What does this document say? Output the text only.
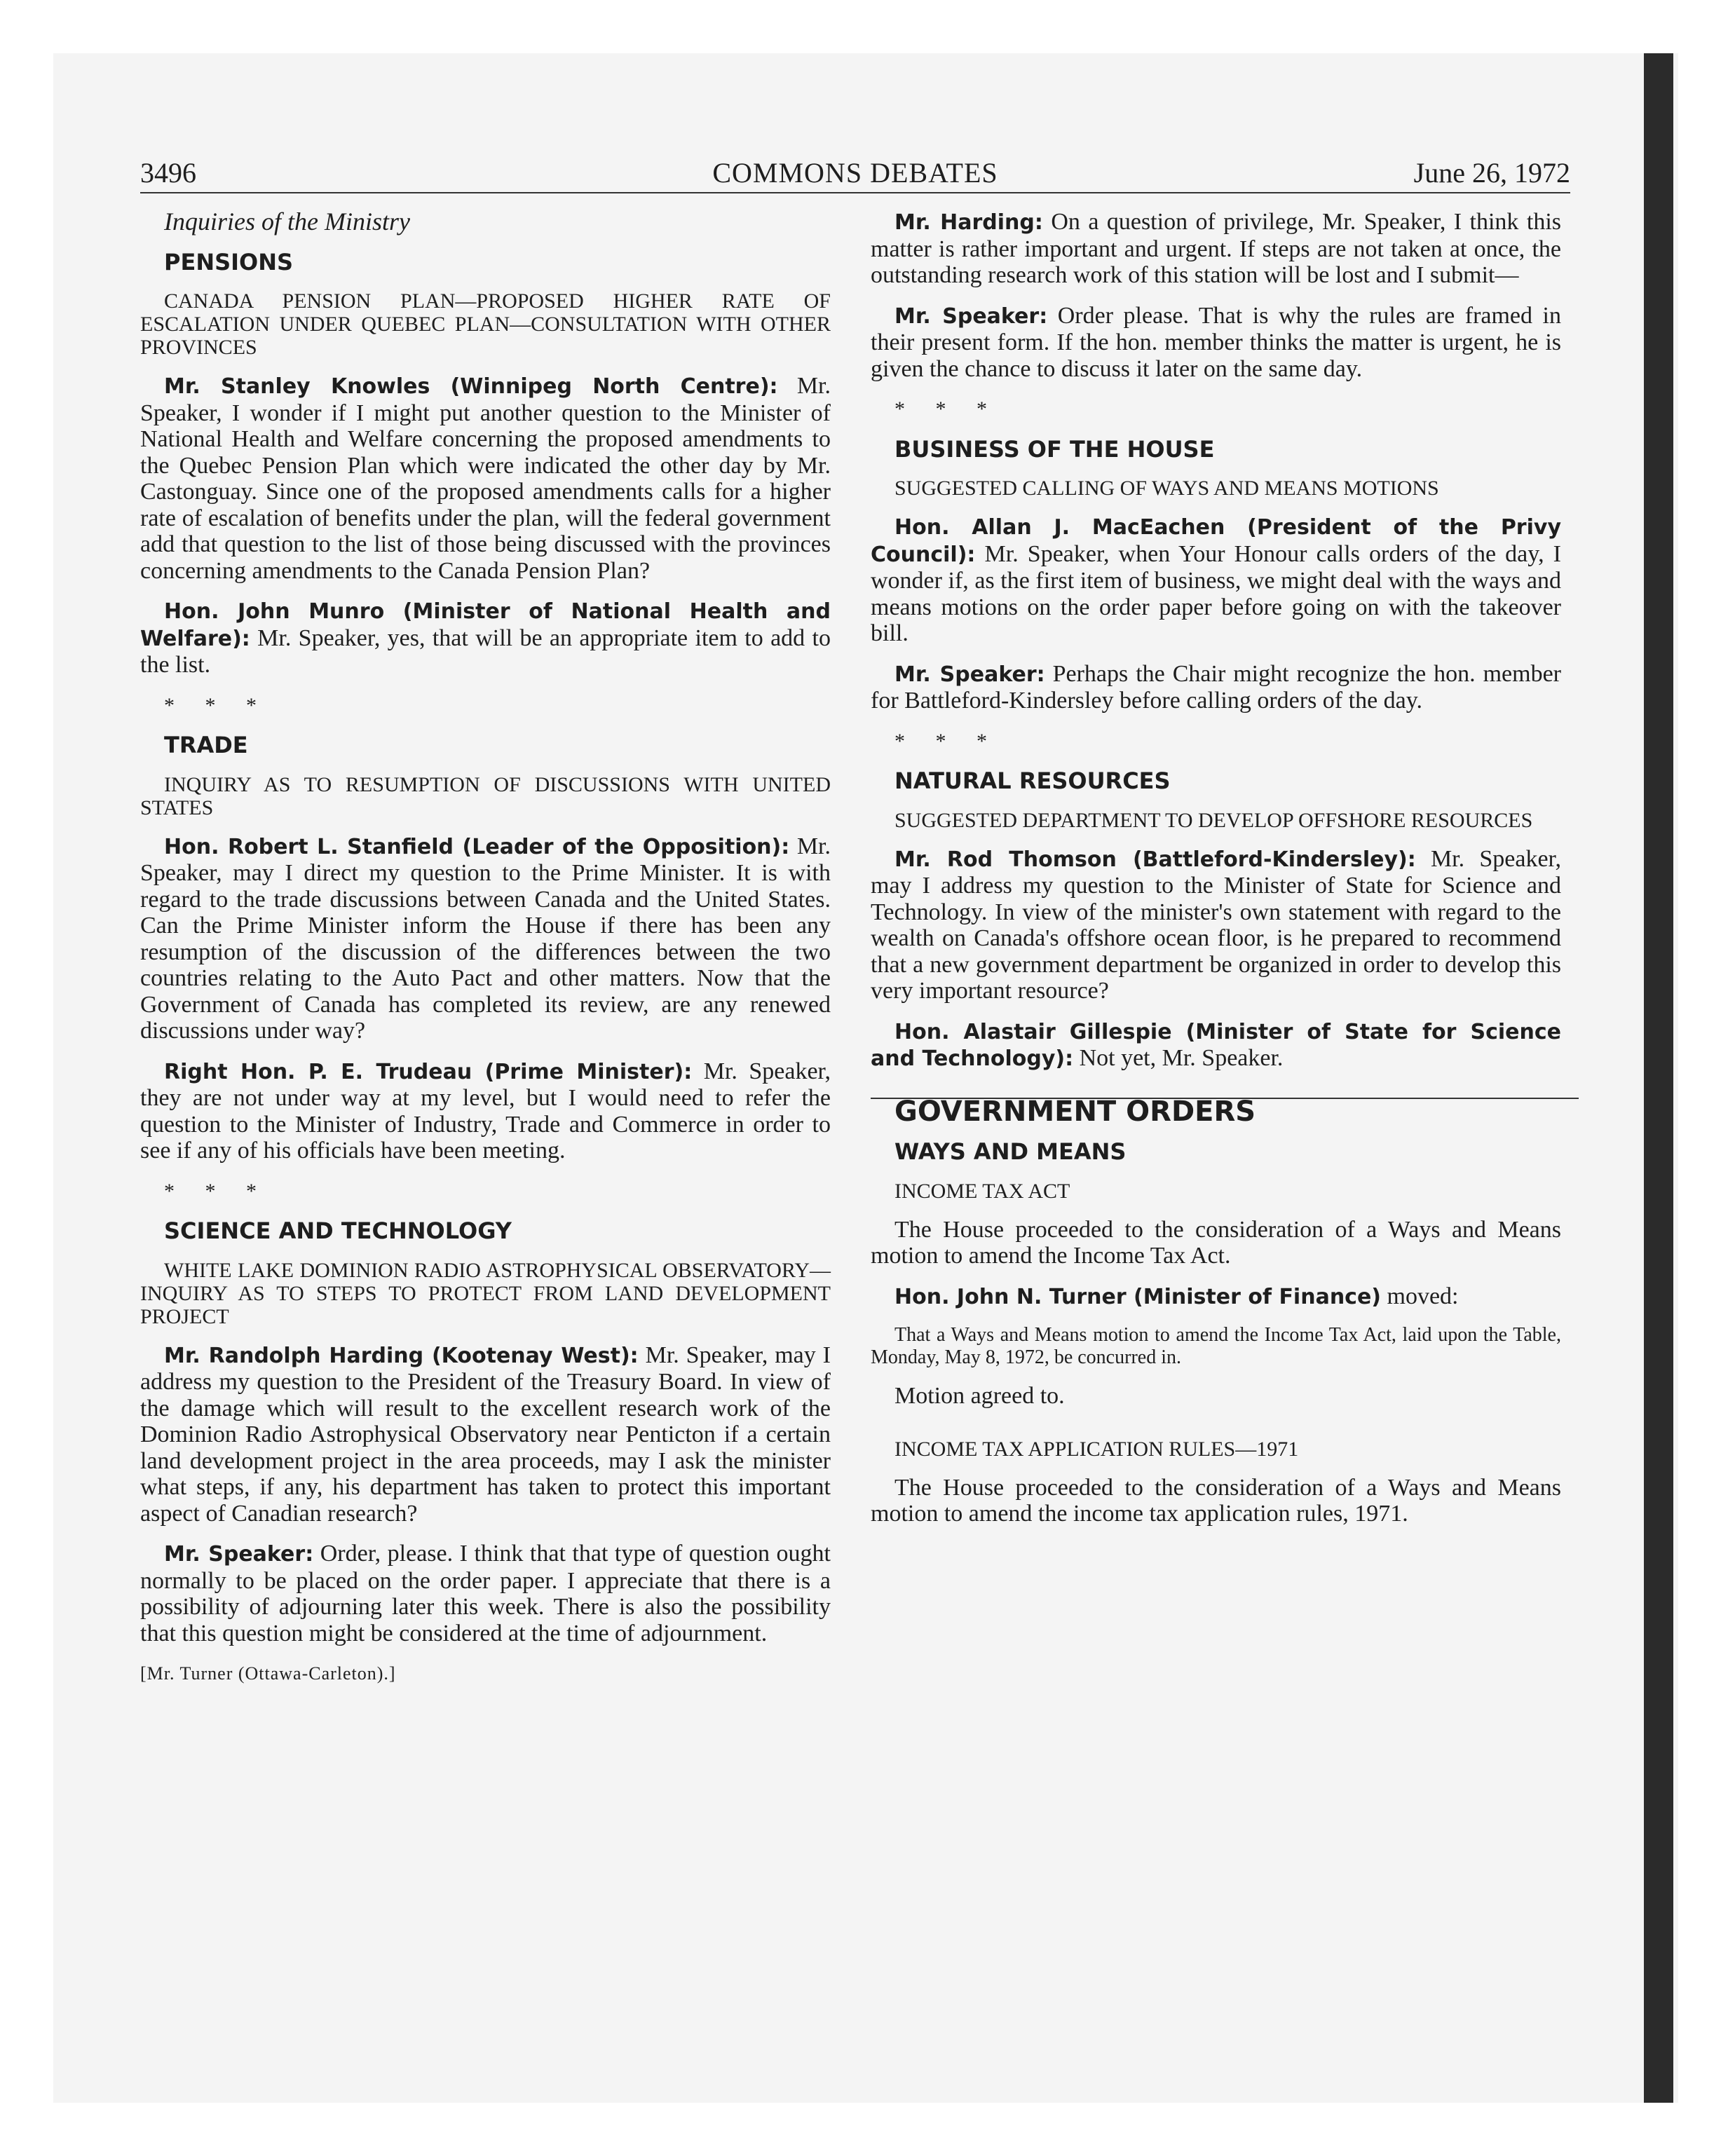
3496	COMMONS DEBATES	June 26, 1972

Inquiries of the Ministry

PENSIONS

CANADA PENSION PLAN—PROPOSED HIGHER RATE OF ESCALATION UNDER QUEBEC PLAN—CONSULTATION WITH OTHER PROVINCES

Mr. Stanley Knowles (Winnipeg North Centre): Mr. Speaker, I wonder if I might put another question to the Minister of National Health and Welfare concerning the proposed amendments to the Quebec Pension Plan which were indicated the other day by Mr. Castonguay. Since one of the proposed amendments calls for a higher rate of escalation of benefits under the plan, will the federal government add that question to the list of those being discussed with the provinces concerning amendments to the Canada Pension Plan?

Hon. John Munro (Minister of National Health and Welfare): Mr. Speaker, yes, that will be an appropriate item to add to the list.

* * *

TRADE

INQUIRY AS TO RESUMPTION OF DISCUSSIONS WITH UNITED STATES

Hon. Robert L. Stanfield (Leader of the Opposition): Mr. Speaker, may I direct my question to the Prime Minister. It is with regard to the trade discussions between Canada and the United States. Can the Prime Minister inform the House if there has been any resumption of the discussion of the differences between the two countries relating to the Auto Pact and other matters. Now that the Government of Canada has completed its review, are any renewed discussions under way?

Right Hon. P. E. Trudeau (Prime Minister): Mr. Speaker, they are not under way at my level, but I would need to refer the question to the Minister of Industry, Trade and Commerce in order to see if any of his officials have been meeting.

* * *

SCIENCE AND TECHNOLOGY

WHITE LAKE DOMINION RADIO ASTROPHYSICAL OBSERVATORY—INQUIRY AS TO STEPS TO PROTECT FROM LAND DEVELOPMENT PROJECT

Mr. Randolph Harding (Kootenay West): Mr. Speaker, may I address my question to the President of the Treasury Board. In view of the damage which will result to the excellent research work of the Dominion Radio Astrophysical Observatory near Penticton if a certain land development project in the area proceeds, may I ask the minister what steps, if any, his department has taken to protect this important aspect of Canadian research?

Mr. Speaker: Order, please. I think that that type of question ought normally to be placed on the order paper. I appreciate that there is a possibility of adjourning later this week. There is also the possibility that this question might be considered at the time of adjournment.

[Mr. Turner (Ottawa-Carleton).]

Mr. Harding: On a question of privilege, Mr. Speaker, I think this matter is rather important and urgent. If steps are not taken at once, the outstanding research work of this station will be lost and I submit—

Mr. Speaker: Order please. That is why the rules are framed in their present form. If the hon. member thinks the matter is urgent, he is given the chance to discuss it later on the same day.

* * *

BUSINESS OF THE HOUSE

SUGGESTED CALLING OF WAYS AND MEANS MOTIONS

Hon. Allan J. MacEachen (President of the Privy Council): Mr. Speaker, when Your Honour calls orders of the day, I wonder if, as the first item of business, we might deal with the ways and means motions on the order paper before going on with the takeover bill.

Mr. Speaker: Perhaps the Chair might recognize the hon. member for Battleford-Kindersley before calling orders of the day.

* * *

NATURAL RESOURCES

SUGGESTED DEPARTMENT TO DEVELOP OFFSHORE RESOURCES

Mr. Rod Thomson (Battleford-Kindersley): Mr. Speaker, may I address my question to the Minister of State for Science and Technology. In view of the minister's own statement with regard to the wealth on Canada's offshore ocean floor, is he prepared to recommend that a new government department be organized in order to develop this very important resource?

Hon. Alastair Gillespie (Minister of State for Science and Technology): Not yet, Mr. Speaker.

GOVERNMENT ORDERS

WAYS AND MEANS

INCOME TAX ACT

The House proceeded to the consideration of a Ways and Means motion to amend the Income Tax Act.

Hon. John N. Turner (Minister of Finance) moved:

That a Ways and Means motion to amend the Income Tax Act, laid upon the Table, Monday, May 8, 1972, be concurred in.

Motion agreed to.

INCOME TAX APPLICATION RULES—1971

The House proceeded to the consideration of a Ways and Means motion to amend the income tax application rules, 1971.
